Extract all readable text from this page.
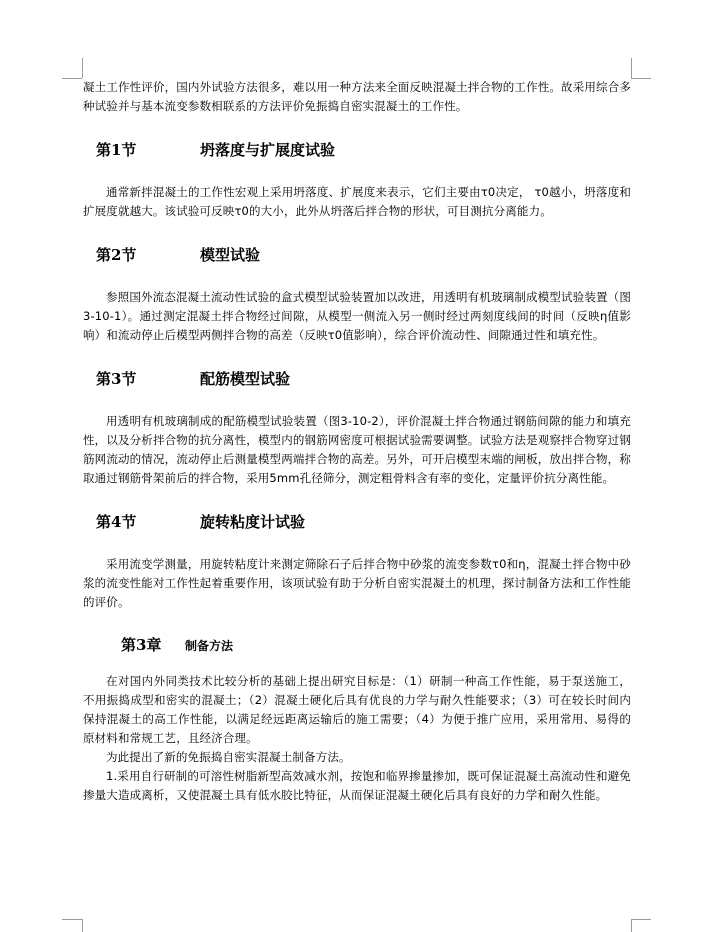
凝土工作性评价，国内外试验方法很多，难以用一种方法来全面反映混凝土拌合物的工作性。故采用综合多种试验并与基本流变参数相联系的方法评价免振捣自密实混凝土的工作性。

第1节	坍落度与扩展度试验

通常新拌混凝土的工作性宏观上采用坍落度、扩展度来表示，它们主要由τ0决定， τ0越小，坍落度和扩展度就越大。该试验可反映τ0的大小，此外从坍落后拌合物的形状，可目测抗分离能力。

第2节	模型试验

参照国外流态混凝土流动性试验的盒式模型试验装置加以改进，用透明有机玻璃制成模型试验装置（图3-10-1）。通过测定混凝土拌合物经过间隙，从模型一侧流入另一侧时经过两刻度线间的时间（反映η值影响）和流动停止后模型两侧拌合物的高差（反映τ0值影响），综合评价流动性、间隙通过性和填充性。

第3节	配筋模型试验

用透明有机玻璃制成的配筋模型试验装置（图3-10-2），评价混凝土拌合物通过钢筋间隙的能力和填充性，以及分析拌合物的抗分离性，模型内的钢筋网密度可根据试验需要调整。试验方法是观察拌合物穿过钢筋网流动的情况，流动停止后测量模型两端拌合物的高差。另外，可开启模型末端的闸板，放出拌合物，称取通过钢筋骨架前后的拌合物，采用5mm孔径筛分，测定粗骨料含有率的变化，定量评价抗分离性能。

第4节	旋转粘度计试验

采用流变学测量，用旋转粘度计来测定筛除石子后拌合物中砂浆的流变参数τ0和η，混凝土拌合物中砂浆的流变性能对工作性起着重要作用，该项试验有助于分析自密实混凝土的机理，探讨制备方法和工作性能的评价。

第3章	制备方法

在对国内外同类技术比较分析的基础上提出研究目标是：（1）研制一种高工作性能，易于泵送施工，不用振捣成型和密实的混凝土；（2）混凝土硬化后具有优良的力学与耐久性能要求；（3）可在较长时间内保持混凝土的高工作性能，以满足经远距离运输后的施工需要；（4）为便于推广应用，采用常用、易得的原材料和常规工艺，且经济合理。

为此提出了新的免振捣自密实混凝土制备方法。

1.采用自行研制的可溶性树脂新型高效减水剂，按饱和临界掺量掺加，既可保证混凝土高流动性和避免掺量大造成离析，又使混凝土具有低水胶比特征，从而保证混凝土硬化后具有良好的力学和耐久性能。
